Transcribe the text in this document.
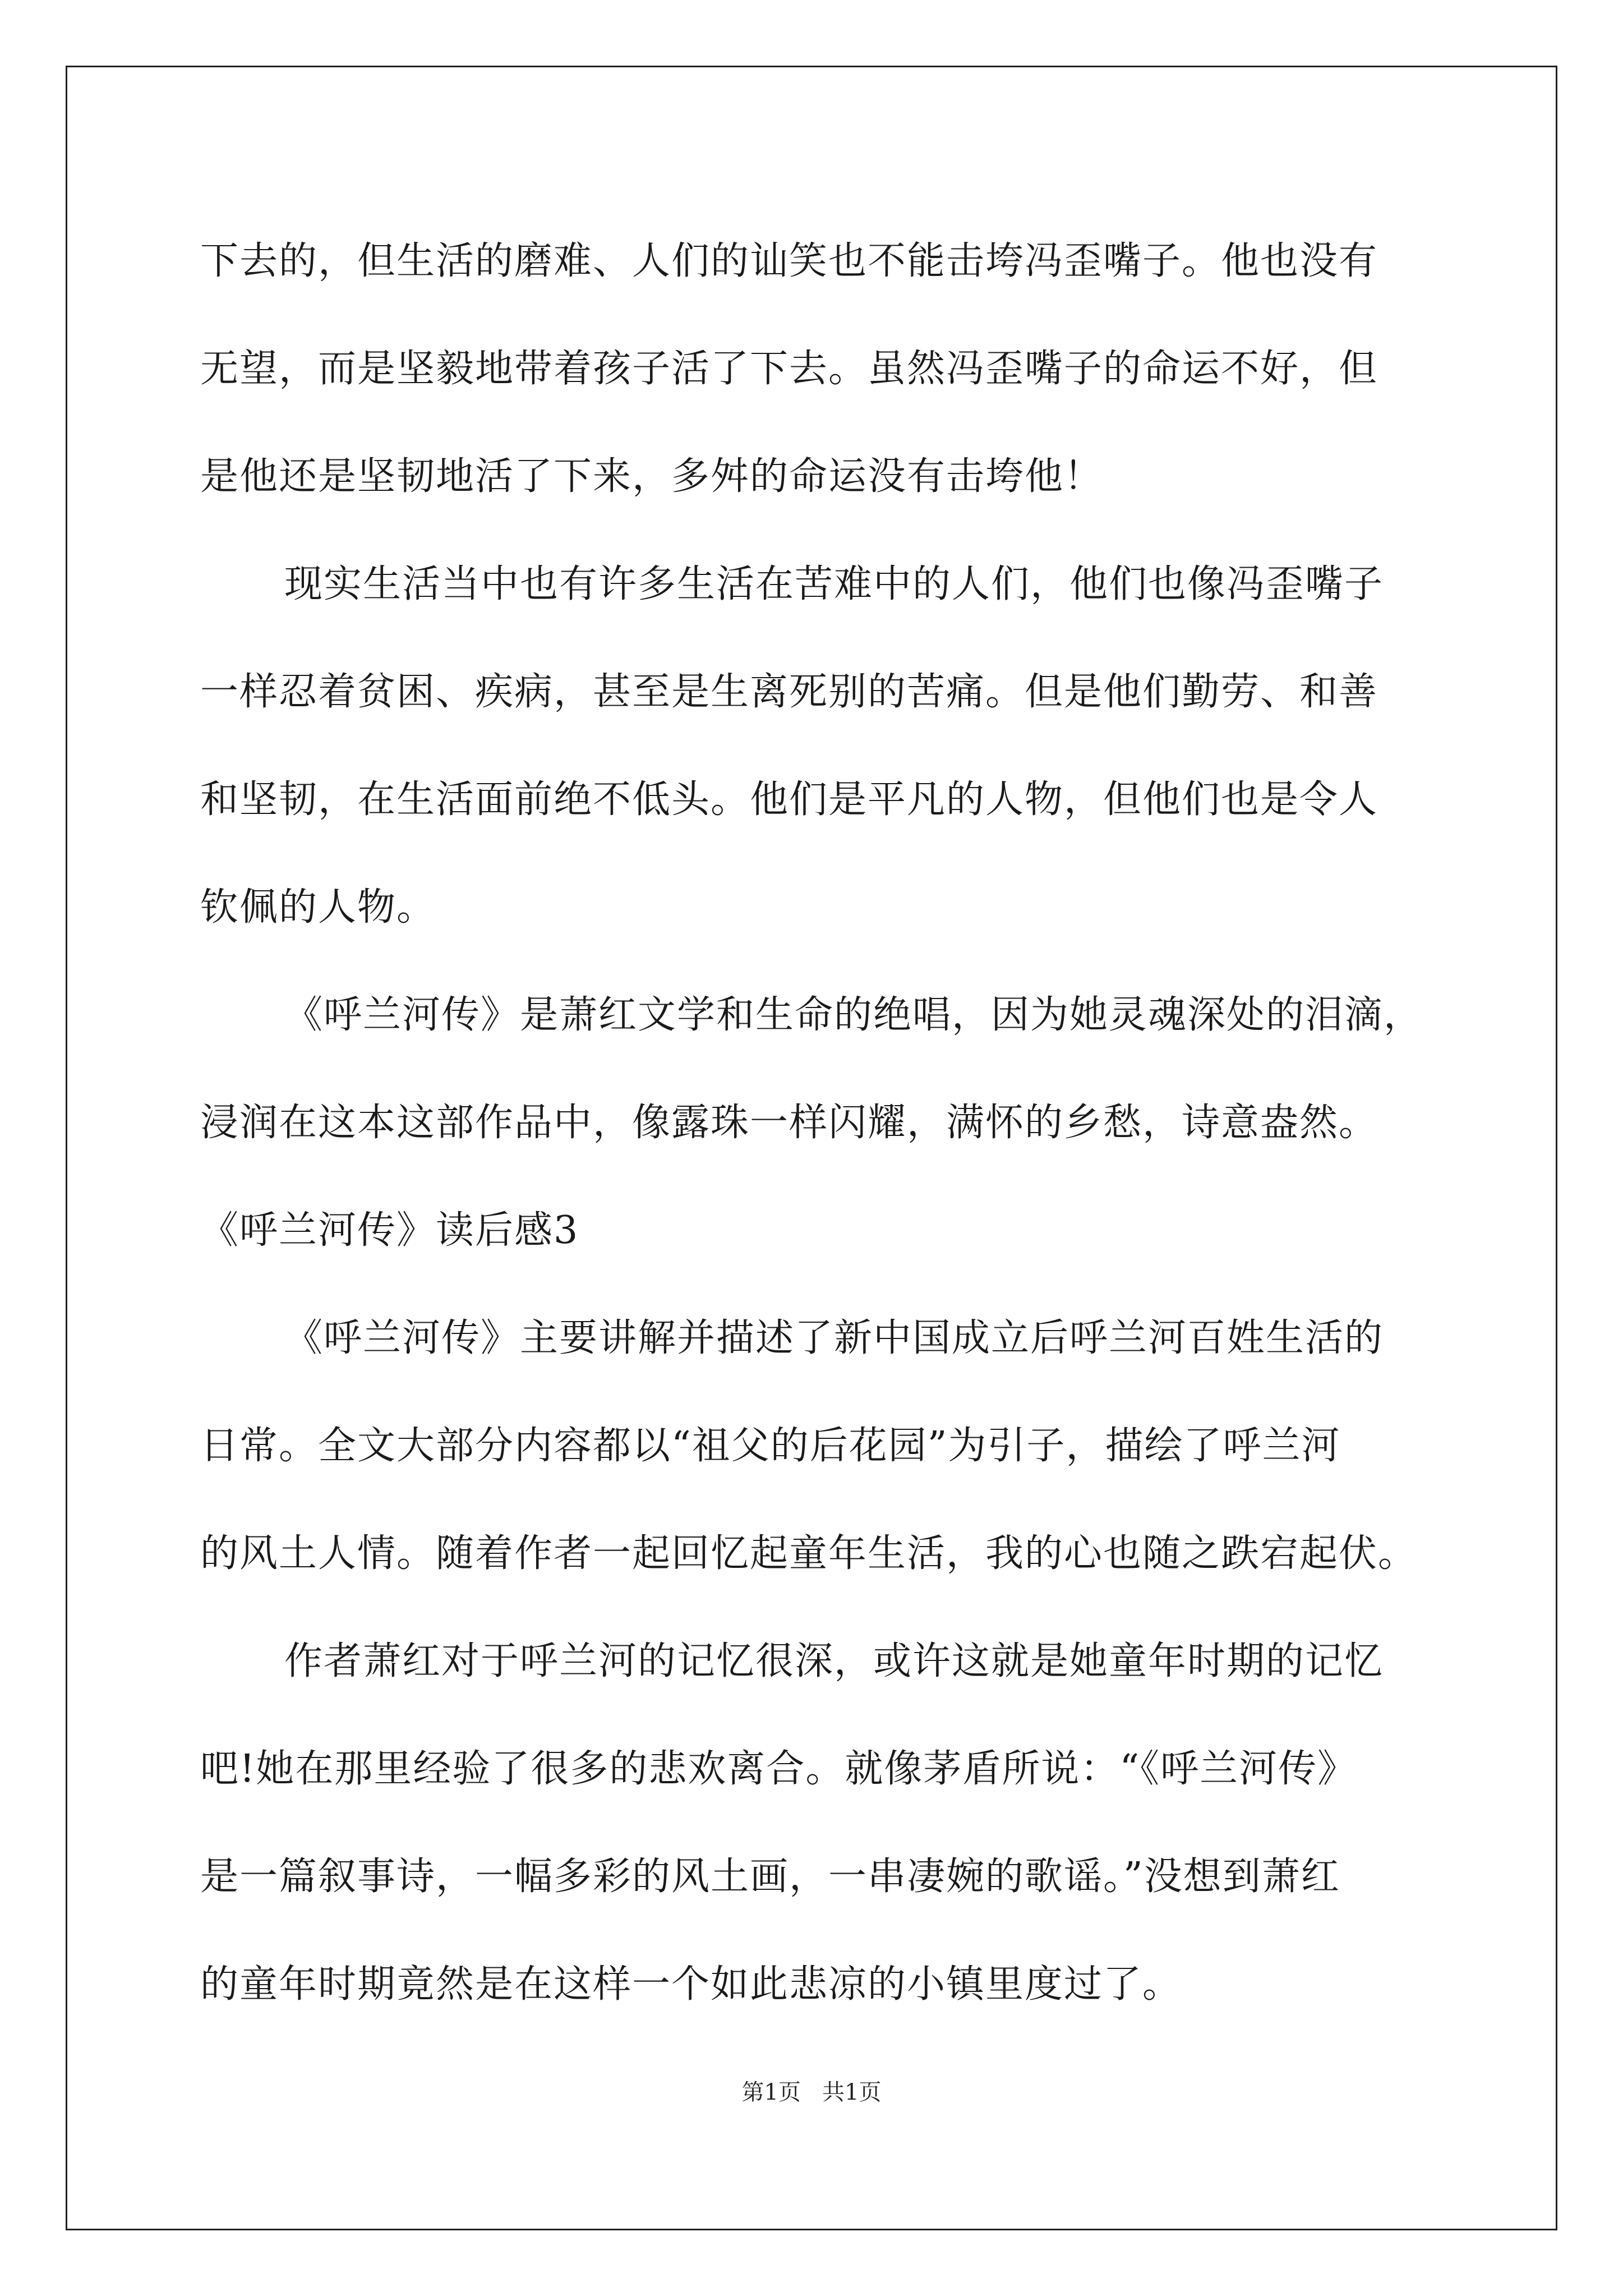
下去的，但生活的磨难、人们的讪笑也不能击垮冯歪嘴子。他也没有
无望，而是坚毅地带着孩子活了下去。虽然冯歪嘴子的命运不好，但
是他还是坚韧地活了下来，多舛的命运没有击垮他！
现实生活当中也有许多生活在苦难中的人们，他们也像冯歪嘴子
一样忍着贫困、疾病，甚至是生离死别的苦痛。但是他们勤劳、和善
和坚韧，在生活面前绝不低头。他们是平凡的人物，但他们也是令人
钦佩的人物。
《呼兰河传》是萧红文学和生命的绝唱，因为她灵魂深处的泪滴，
浸润在这本这部作品中，像露珠一样闪耀，满怀的乡愁，诗意盎然。
《呼兰河传》读后感3
《呼兰河传》主要讲解并描述了新中国成立后呼兰河百姓生活的
日常。全文大部分内容都以“祖父的后花园”为引子，描绘了呼兰河
的风土人情。随着作者一起回忆起童年生活，我的心也随之跌宕起伏。
作者萧红对于呼兰河的记忆很深，或许这就是她童年时期的记忆
吧!她在那里经验了很多的悲欢离合。就像茅盾所说：“《呼兰河传》
是一篇叙事诗，一幅多彩的风土画，一串凄婉的歌谣。”没想到萧红
的童年时期竟然是在这样一个如此悲凉的小镇里度过了。
第1页 共1页
